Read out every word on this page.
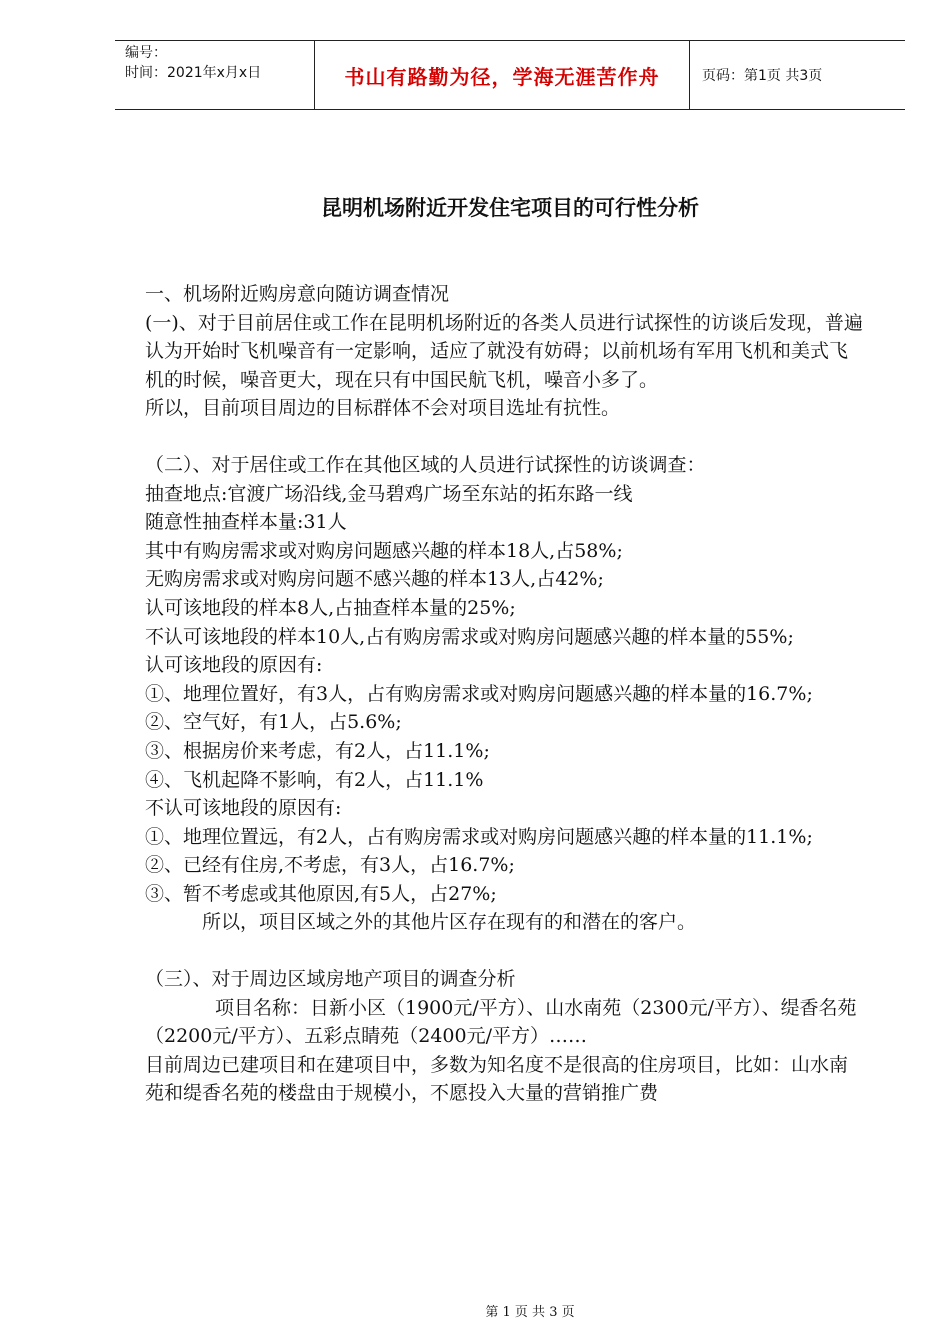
编号：
时间：2021年x月x日	书山有路勤为径，学海无涯苦作舟	页码：第1页 共3页
昆明机场附近开发住宅项目的可行性分析

一、机场附近购房意向随访调查情况

(一)、对于目前居住或工作在昆明机场附近的各类人员进行试探性的访谈后发现，普遍认为开始时飞机噪音有一定影响，适应了就没有妨碍；以前机场有军用飞机和美式飞机的时候，噪音更大，现在只有中国民航飞机，噪音小多了。

所以，目前项目周边的目标群体不会对项目选址有抗性。

（二）、对于居住或工作在其他区域的人员进行试探性的访谈调查：

抽查地点:官渡广场沿线,金马碧鸡广场至东站的拓东路一线

随意性抽查样本量:31人

其中有购房需求或对购房问题感兴趣的样本18人,占58%;

无购房需求或对购房问题不感兴趣的样本13人,占42%;

认可该地段的样本8人,占抽查样本量的25%;

不认可该地段的样本10人,占有购房需求或对购房问题感兴趣的样本量的55%;

认可该地段的原因有:

①、地理位置好，有3人，占有购房需求或对购房问题感兴趣的样本量的16.7%;

②、空气好，有1人，占5.6%;

③、根据房价来考虑，有2人，占11.1%;

④、飞机起降不影响，有2人，占11.1%

不认可该地段的原因有:

①、地理位置远，有2人，占有购房需求或对购房问题感兴趣的样本量的11.1%;

②、已经有住房,不考虑，有3人，占16.7%;

③、暂不考虑或其他原因,有5人，占27%;

所以，项目区域之外的其他片区存在现有的和潜在的客户。

（三）、对于周边区域房地产项目的调查分析

项目名称：日新小区（1900元/平方）、山水南苑（2300元/平方）、缇香名苑（2200元/平方）、五彩点睛苑（2400元/平方）……

目前周边已建项目和在建项目中，多数为知名度不是很高的住房项目，比如：山水南苑和缇香名苑的楼盘由于规模小，不愿投入大量的营销推广费

第 1 页 共 3 页
